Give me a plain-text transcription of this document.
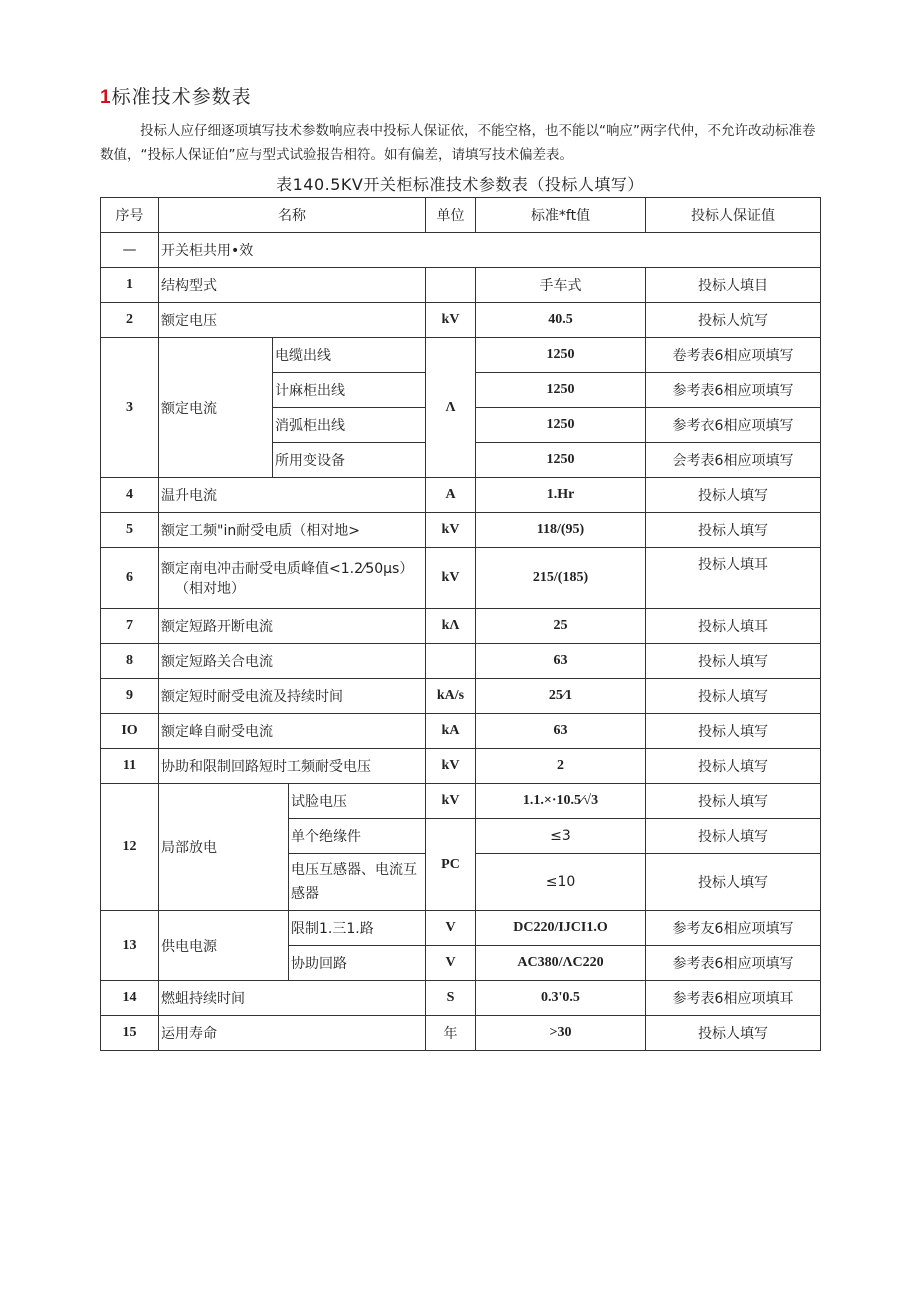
1标准技术参数表
投标人应仔细逐项填写技术参数响应表中投标人保证依，不能空格，也不能以“响应”两字代仲，不允许改动标准卷数值，“投标人保证伯”应与型式试验报告相符。如有偏差，请填写技术偏差表。
表140.5KV开关柜标准技术参数表（投标人填写）
序号	名称			单位	标准*ft值	投标人保证值
—	开关柜共用•效					
1	结构型式				手车式	投标人填目
2	额定电压			kV	40.5	投标人炕写
3	额定电流	电缆出线		Λ	1250	卷考表6相应项填写
		计麻柜出线			1250	参考表6相应项填写
		消弧柜出线			1250	参考衣6相应项填写
		所用变设备			1250	会考表6相应项填写
4	温升电流			A	1.Hr	投标人填写
5	额定工频"in耐受电质（相对地>			kV	118/(95)	投标人填写
6	额定南电冲击耐受电质峰值<1.2⁄50μs）
（相对地）			kV	215/(185)	投标人填耳
7	额定短路开断电流			kΛ	25	投标人填耳
8	额定短路关合电流				63	投标人填写
9	额定短时耐受电流及持续时间			kA/s	25⁄1	投标人填写
IO	额定峰自耐受电流			kA	63	投标人填写
11	协助和限制回路短时工频耐受电压			kV	2	投标人填写
12	局部放电		试脸电压	kV	1.1.×·10.5⁄√3	投标人填写
			单个绝缘件	PC	≤3	投标人填写
			电压互感器、电流互感器		≤10	投标人填写
13	供电电源		限制1.三1.路	V	DC220/IJCI1.O	参考友6相应项填写
			协助回路	V	AC380/ΛC220	参考表6相应项填写
14	燃蛆持续时间			S	0.3'0.5	参考表6相应项填耳
15	运用寿命			年	>30	投标人填写
